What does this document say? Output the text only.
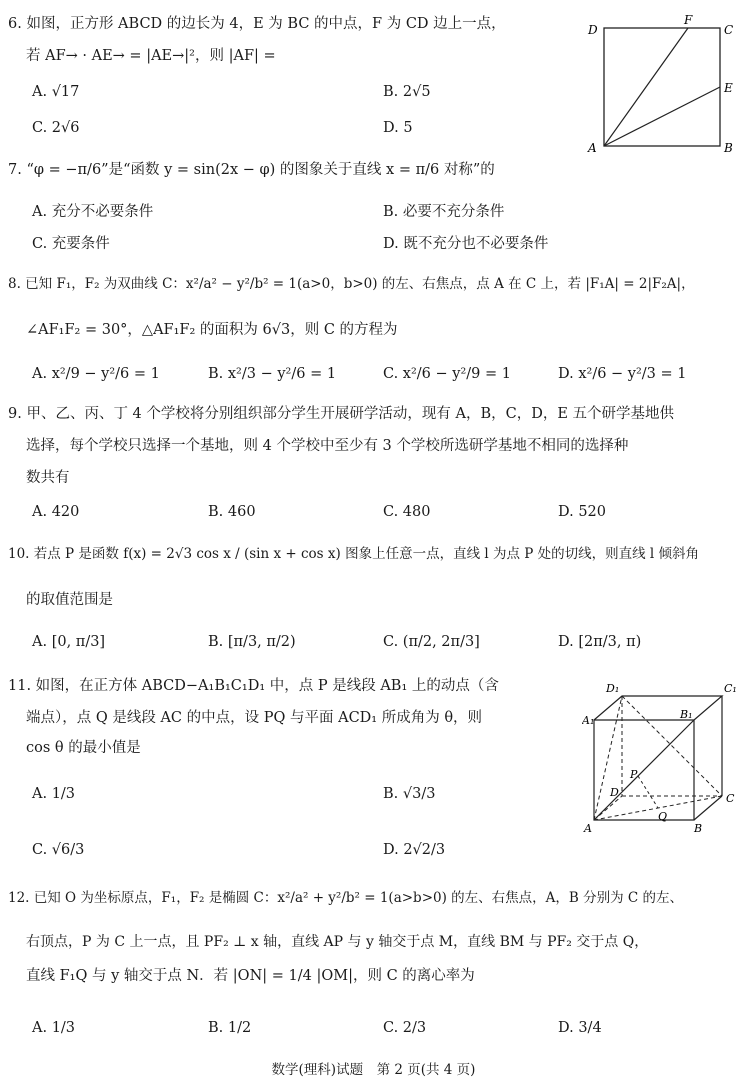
6. 如图，正方形 ABCD 的边长为 4，E 为 BC 的中点，F 为 CD 边上一点，
若 AF→ · AE→ = |AE→|²，则 |AF| =
A. √17	B. 2√5
C. 2√6	D. 5
D
F
C
E
A	B
7. “φ = −π/6”是“函数 y = sin(2x − φ) 的图象关于直线 x = π/6 对称”的
A. 充分不必要条件	B. 必要不充分条件
C. 充要条件	D. 既不充分也不必要条件
8. 已知 F₁，F₂ 为双曲线 C：x²/a² − y²/b² = 1(a>0，b>0) 的左、右焦点，点 A 在 C 上，若 |F₁A| = 2|F₂A|，
∠AF₁F₂ = 30°，△AF₁F₂ 的面积为 6√3，则 C 的方程为
A. x²/9 − y²/6 = 1	B. x²/3 − y²/6 = 1	C. x²/6 − y²/9 = 1	D. x²/6 − y²/3 = 1
9. 甲、乙、丙、丁 4 个学校将分别组织部分学生开展研学活动，现有 A，B，C，D，E 五个研学基地供
选择，每个学校只选择一个基地，则 4 个学校中至少有 3 个学校所选研学基地不相同的选择种
数共有
A. 420	B. 460	C. 480	D. 520
10. 若点 P 是函数 f(x) = 2√3 cos x / (sin x + cos x) 图象上任意一点，直线 l 为点 P 处的切线，则直线 l 倾斜角
的取值范围是
A. [0, π/3]	B. [π/3, π/2)	C. (π/2, 2π/3]	D. [2π/3, π)
11. 如图，在正方体 ABCD−A₁B₁C₁D₁ 中，点 P 是线段 AB₁ 上的动点（含
端点），点 Q 是线段 AC 的中点，设 PQ 与平面 ACD₁ 所成角为 θ，则
cos θ 的最小值是
A. 1/3	B. √3/3
C. √6/3	D. 2√2/3
D₁	C₁
A₁	B₁
P
D	C
Q
A	B
12. 已知 O 为坐标原点，F₁，F₂ 是椭圆 C：x²/a² + y²/b² = 1(a>b>0) 的左、右焦点，A，B 分别为 C 的左、
右顶点，P 为 C 上一点，且 PF₂ ⊥ x 轴，直线 AP 与 y 轴交于点 M，直线 BM 与 PF₂ 交于点 Q，
直线 F₁Q 与 y 轴交于点 N．若 |ON| = 1/4 |OM|，则 C 的离心率为
A. 1/3	B. 1/2	C. 2/3	D. 3/4
数学(理科)试题　第 2 页(共 4 页)
